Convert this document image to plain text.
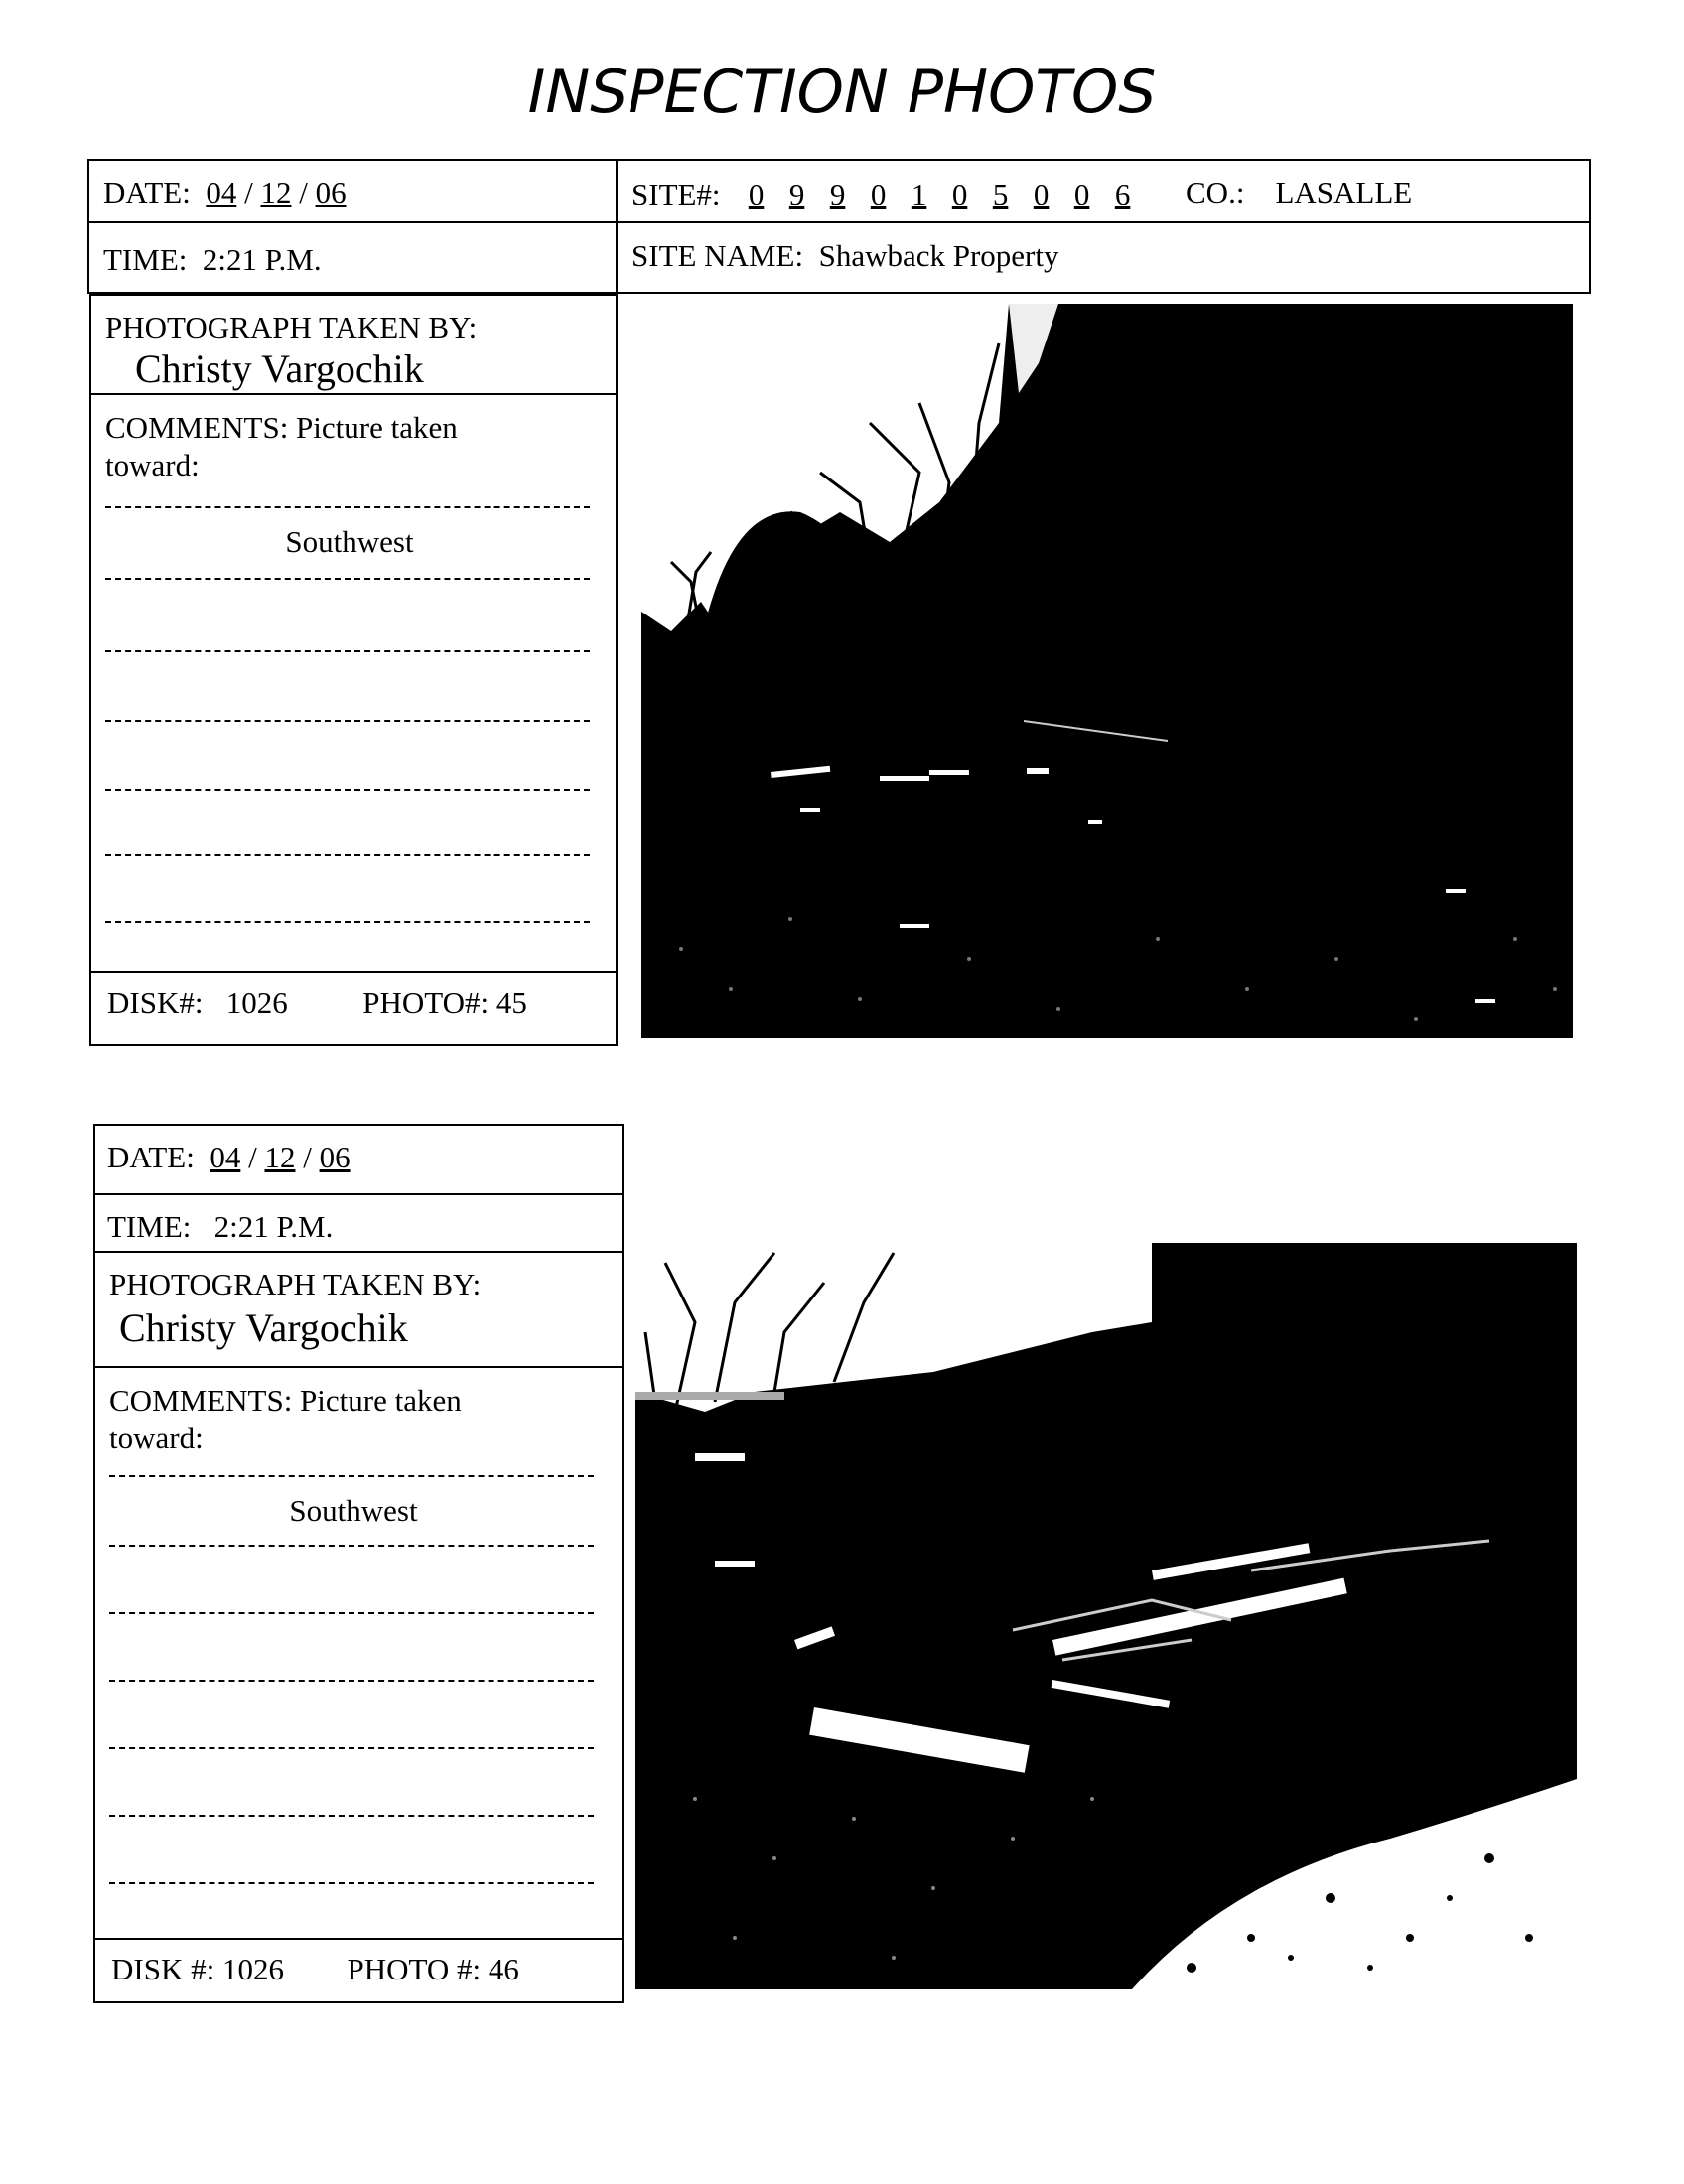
INSPECTION PHOTOS
DATE: 04 / 12 / 06	SITE#: 0 9 9 0 1 0 5 0 0 6	CO.: LASALLE
TIME: 2:21 P.M.	SITE NAME: Shawback Property
PHOTOGRAPH TAKEN BY:
Christy Vargochik
COMMENTS: Picture taken toward:
Southwest
DISK#: 1026 PHOTO#: 45
DATE: 04 / 12 / 06
TIME: 2:21 P.M.
PHOTOGRAPH TAKEN BY:
Christy Vargochik
COMMENTS: Picture taken toward:
Southwest
DISK #: 1026 PHOTO #: 46
